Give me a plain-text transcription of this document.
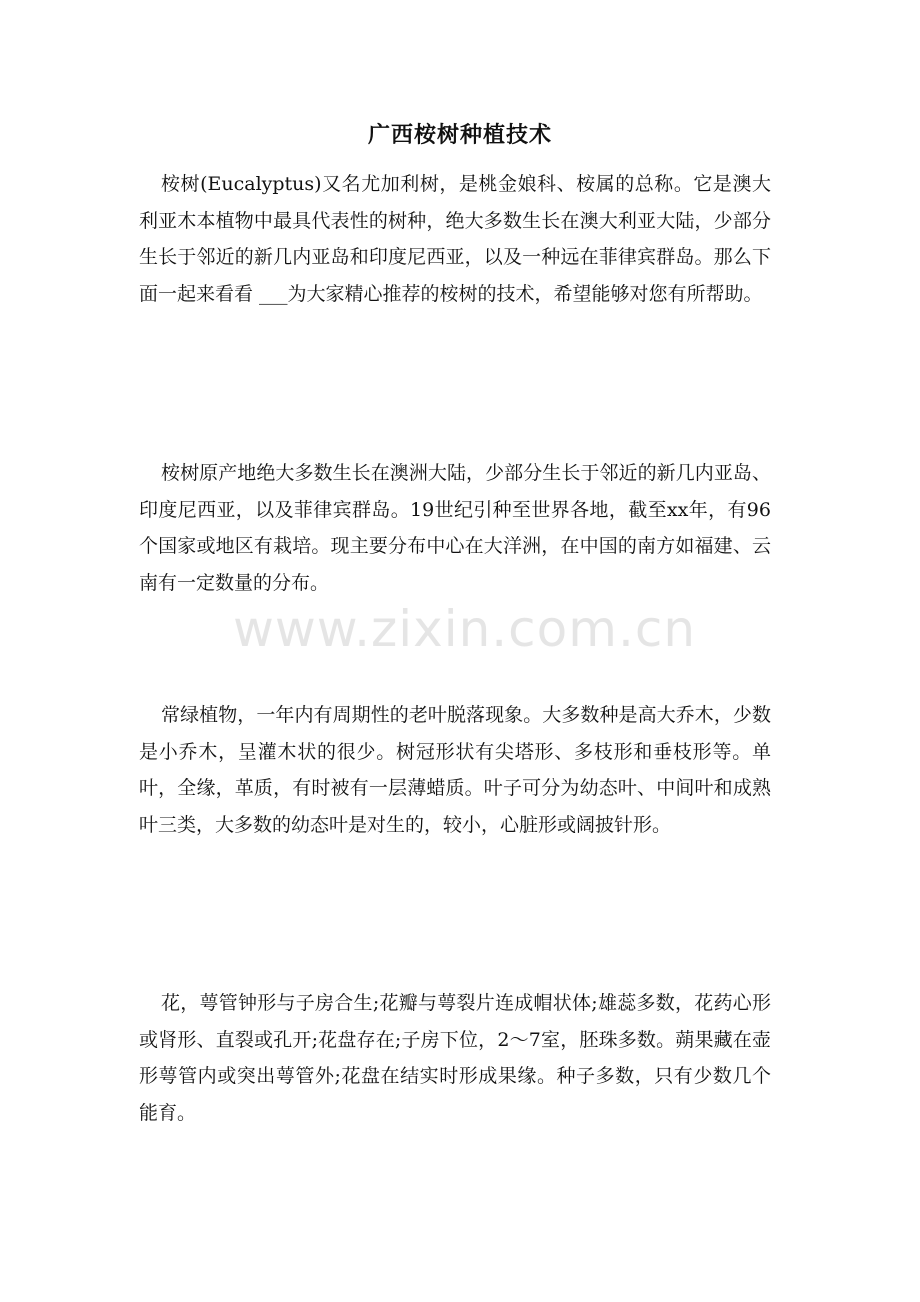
广西桉树种植技术

桉树(Eucalyptus)又名尤加利树，是桃金娘科、桉属的总称。它是澳大利亚木本植物中最具代表性的树种，绝大多数生长在澳大利亚大陆，少部分生长于邻近的新几内亚岛和印度尼西亚，以及一种远在菲律宾群岛。那么下面一起来看看 ___为大家精心推荐的桉树的技术，希望能够对您有所帮助。

桉树原产地绝大多数生长在澳洲大陆，少部分生长于邻近的新几内亚岛、印度尼西亚，以及菲律宾群岛。19世纪引种至世界各地，截至xx年，有96个国家或地区有栽培。现主要分布中心在大洋洲，在中国的南方如福建、云南有一定数量的分布。

常绿植物，一年内有周期性的老叶脱落现象。大多数种是高大乔木，少数是小乔木，呈灌木状的很少。树冠形状有尖塔形、多枝形和垂枝形等。单叶，全缘，革质，有时被有一层薄蜡质。叶子可分为幼态叶、中间叶和成熟叶三类，大多数的幼态叶是对生的，较小，心脏形或阔披针形。

花，萼管钟形与子房合生;花瓣与萼裂片连成帽状体;雄蕊多数，花药心形或肾形、直裂或孔开;花盘存在;子房下位，2～7室，胚珠多数。蒴果藏在壶形萼管内或突出萼管外;花盘在结实时形成果缘。种子多数，只有少数几个能育。

www.zixin.com.cn
